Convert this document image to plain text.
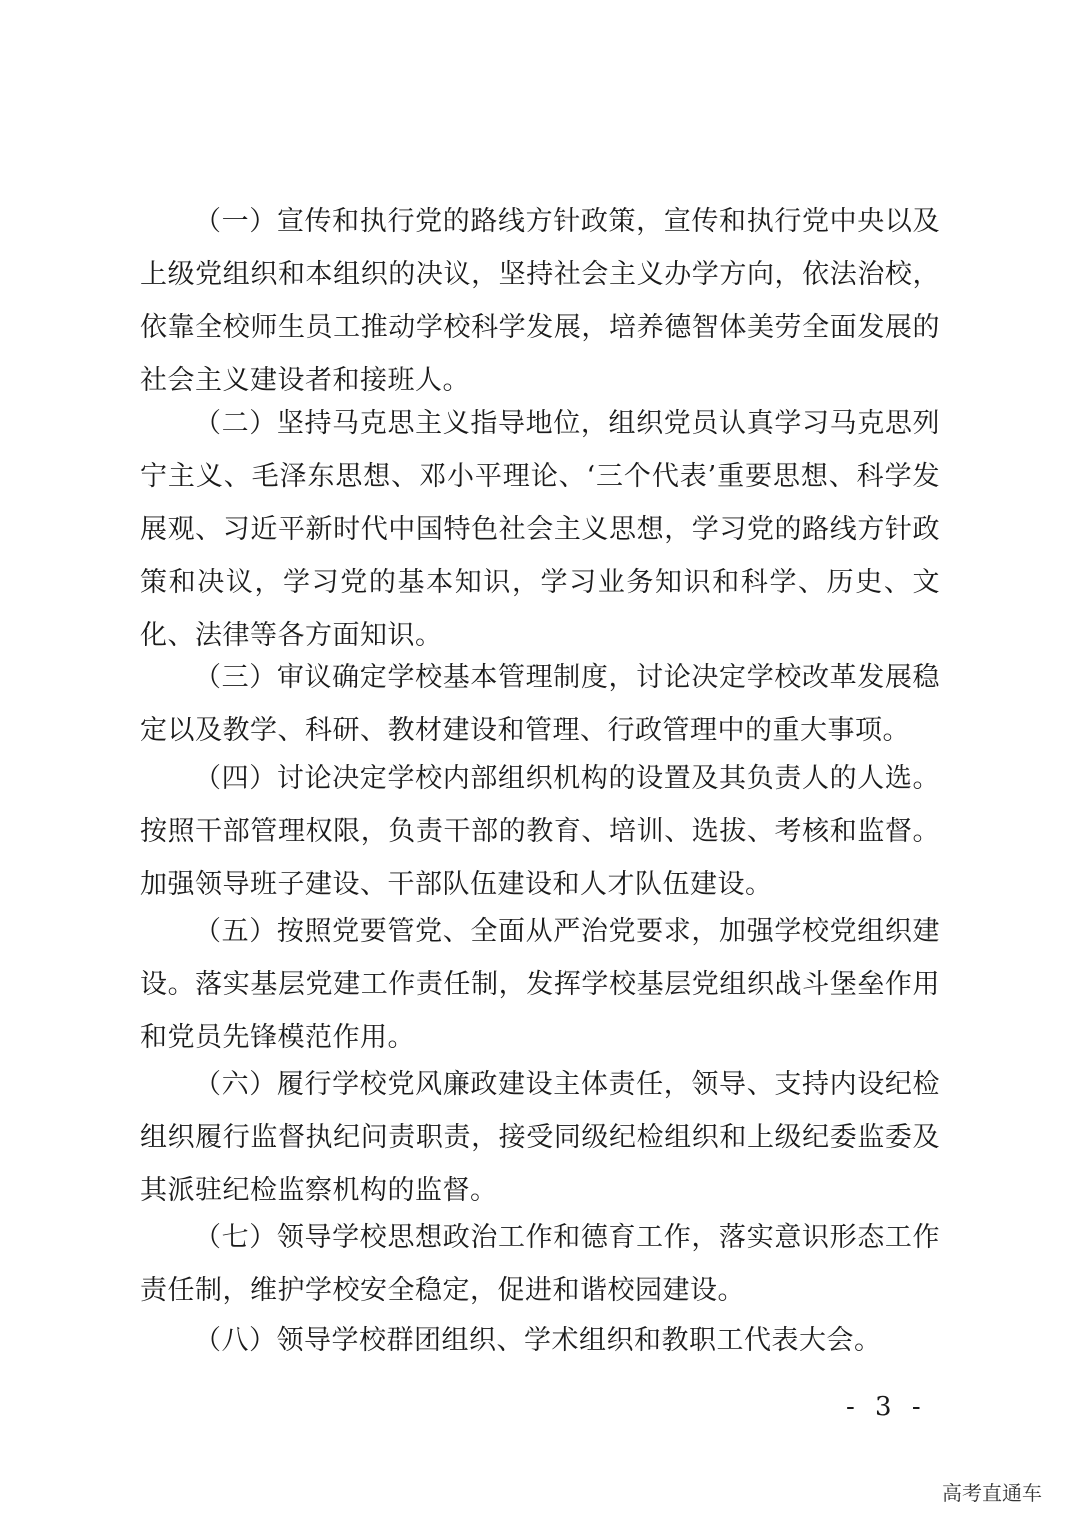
（一）宣传和执行党的路线方针政策，宣传和执行党中央以及上级党组织和本组织的决议，坚持社会主义办学方向，依法治校，依靠全校师生员工推动学校科学发展，培养德智体美劳全面发展的社会主义建设者和接班人。

（二）坚持马克思主义指导地位，组织党员认真学习马克思列宁主义、毛泽东思想、邓小平理论、‘三个代表’重要思想、科学发展观、习近平新时代中国特色社会主义思想，学习党的路线方针政策和决议，学习党的基本知识，学习业务知识和科学、历史、文化、法律等各方面知识。

（三）审议确定学校基本管理制度，讨论决定学校改革发展稳定以及教学、科研、教材建设和管理、行政管理中的重大事项。

（四）讨论决定学校内部组织机构的设置及其负责人的人选。按照干部管理权限，负责干部的教育、培训、选拔、考核和监督。加强领导班子建设、干部队伍建设和人才队伍建设。

（五）按照党要管党、全面从严治党要求，加强学校党组织建设。落实基层党建工作责任制，发挥学校基层党组织战斗堡垒作用和党员先锋模范作用。

（六）履行学校党风廉政建设主体责任，领导、支持内设纪检组织履行监督执纪问责职责，接受同级纪检组织和上级纪委监委及其派驻纪检监察机构的监督。

（七）领导学校思想政治工作和德育工作，落实意识形态工作责任制，维护学校安全稳定，促进和谐校园建设。

（八）领导学校群团组织、学术组织和教职工代表大会。

- 3 -
高考直通车
